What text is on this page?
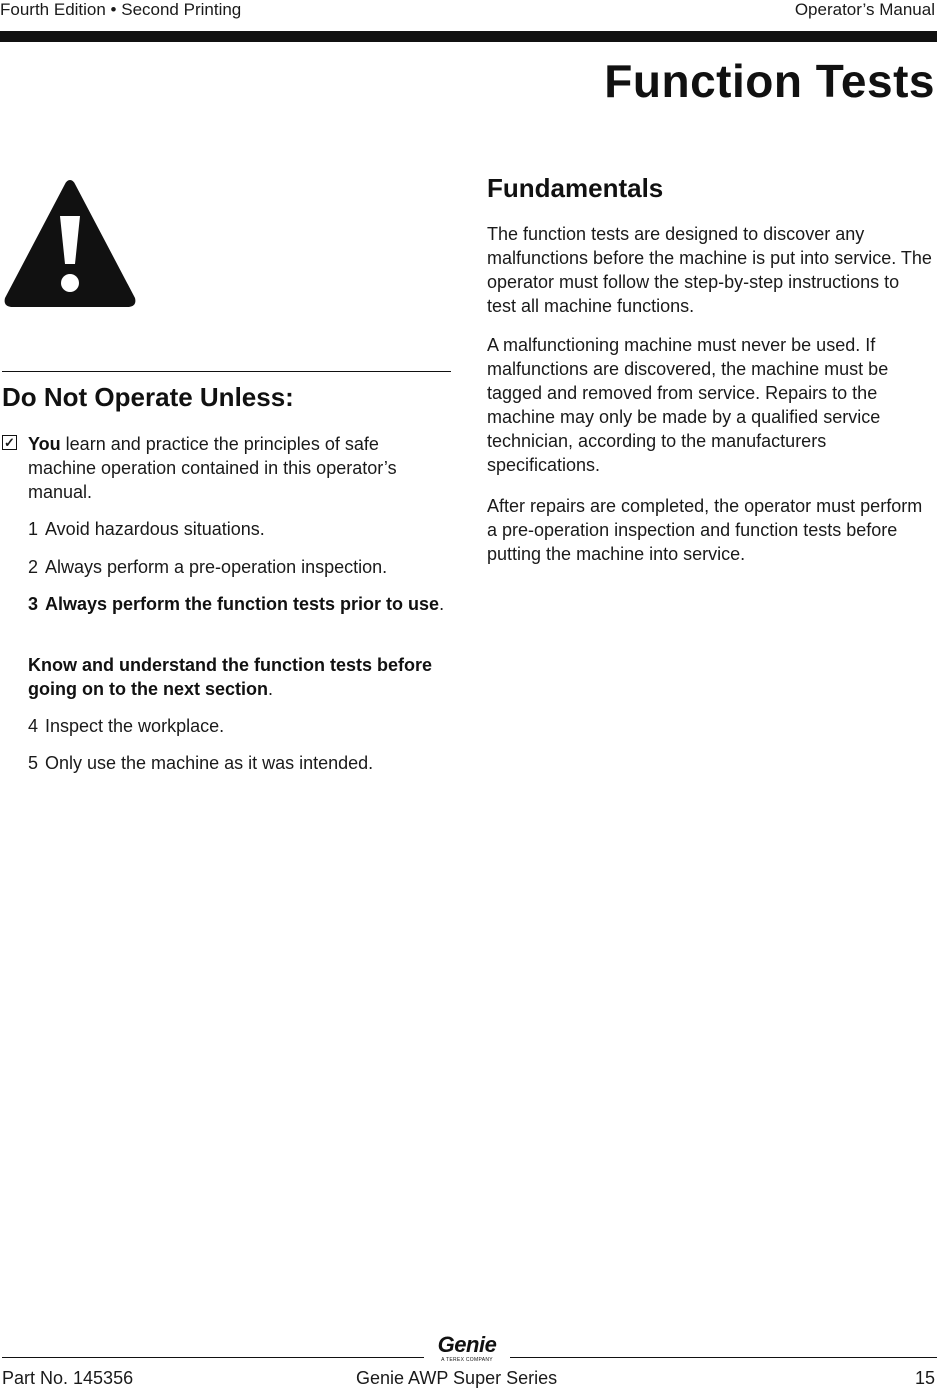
Fourth Edition • Second Printing	Operator’s Manual
Function Tests
Do Not Operate Unless:
✓ You learn and practice the principles of safe machine operation contained in this operator’s manual.
1 Avoid hazardous situations.
2 Always perform a pre-operation inspection.
3 Always perform the function tests prior to use.
Know and understand the function tests before going on to the next section.
4 Inspect the workplace.
5 Only use the machine as it was intended.
Fundamentals
The function tests are designed to discover any malfunctions before the machine is put into service. The operator must follow the step-by-step instructions to test all machine functions.
A malfunctioning machine must never be used. If malfunctions are discovered, the machine must be tagged and removed from service. Repairs to the machine may only be made by a qualified service technician, according to the manufacturers specifications.
After repairs are completed, the operator must perform a pre-operation inspection and function tests before putting the machine into service.
Genie
A TEREX COMPANY
Part No. 145356	Genie AWP Super Series	15
